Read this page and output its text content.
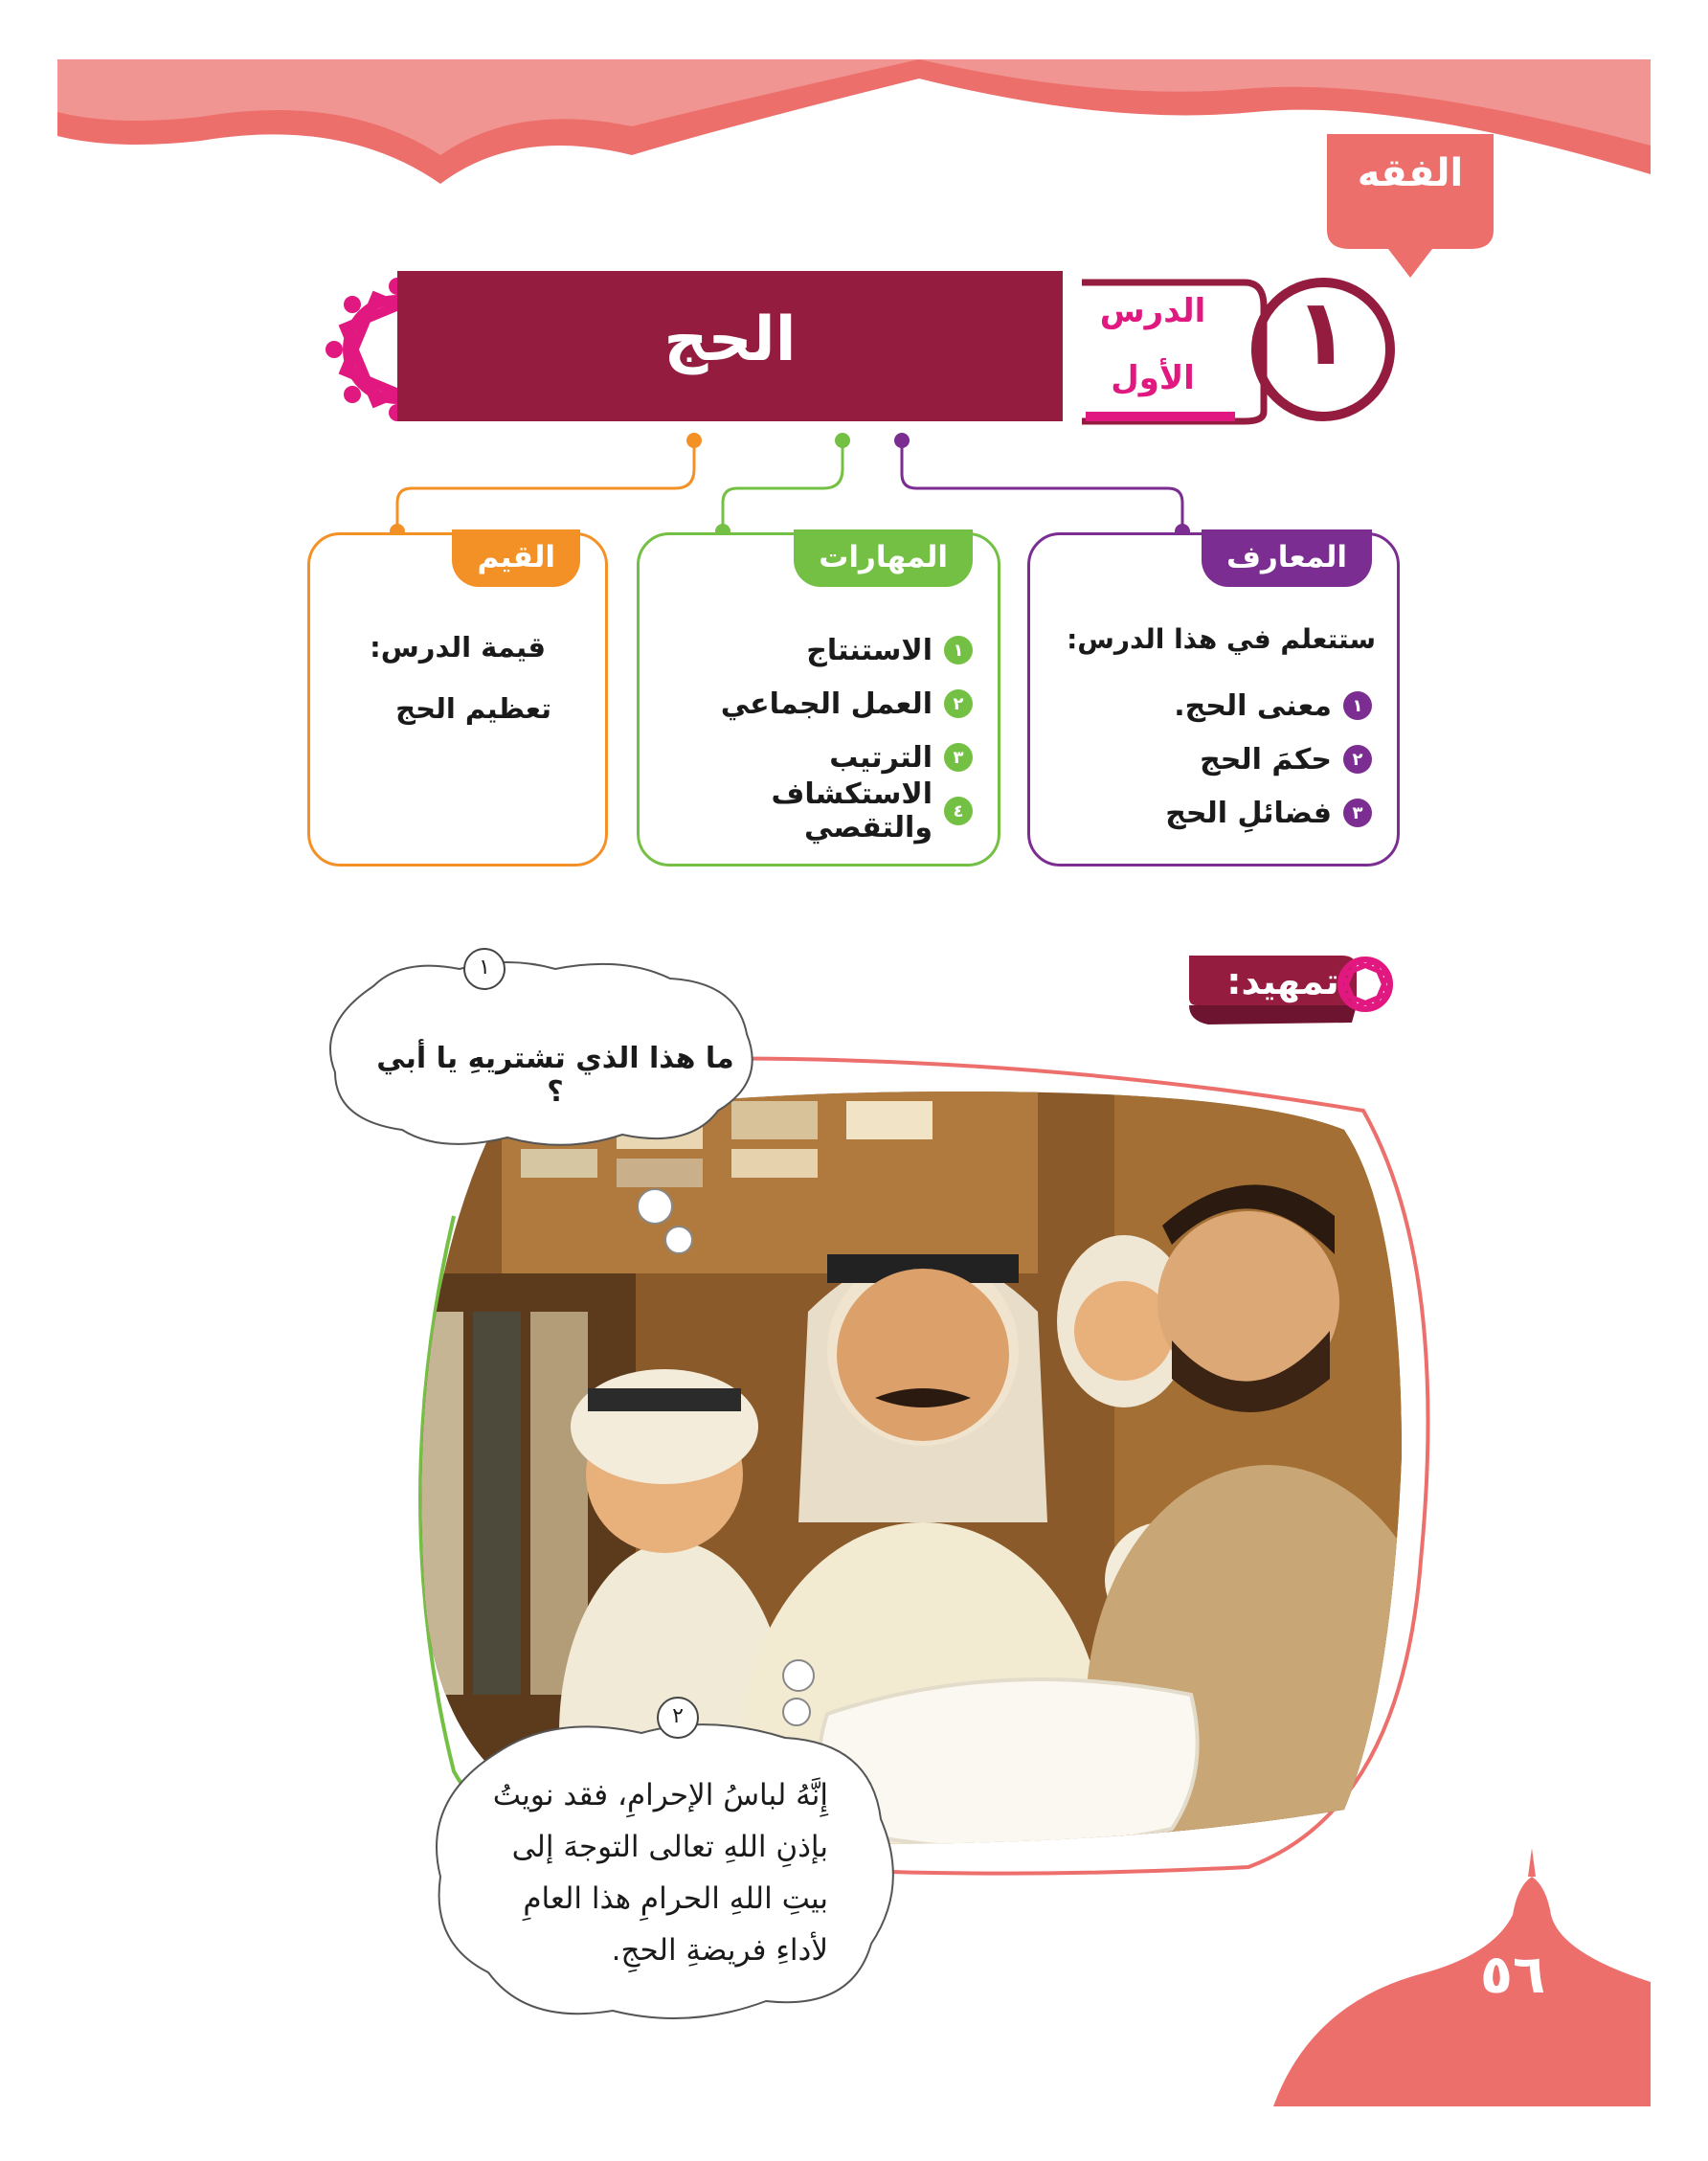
الفقه
الحج	الدرس
الأول	١
المعارف
ستتعلم في هذا الدرس:
١
معنى الحج.
٢
حكمَ الحج
٣
فضائلِ الحج
المهارات
١
الاستنتاج
٢
العمل الجماعي
٣
الترتيب
٤
الاستكشاف والتقصي
القيم
قيمة الدرس:
تعظيم الحج
تمهيد:
١
ما هذا الذي تشتريهِ يا أبي ؟
٢
إِنَّهُ لباسُ الإحرامِ، فقد نويتُ
بإذنِ اللهِ تعالى التوجهَ إلى
بيتِ اللهِ الحرامِ هذا العامِ
لأداءِ فريضةِ الحجِ.	٥٦
